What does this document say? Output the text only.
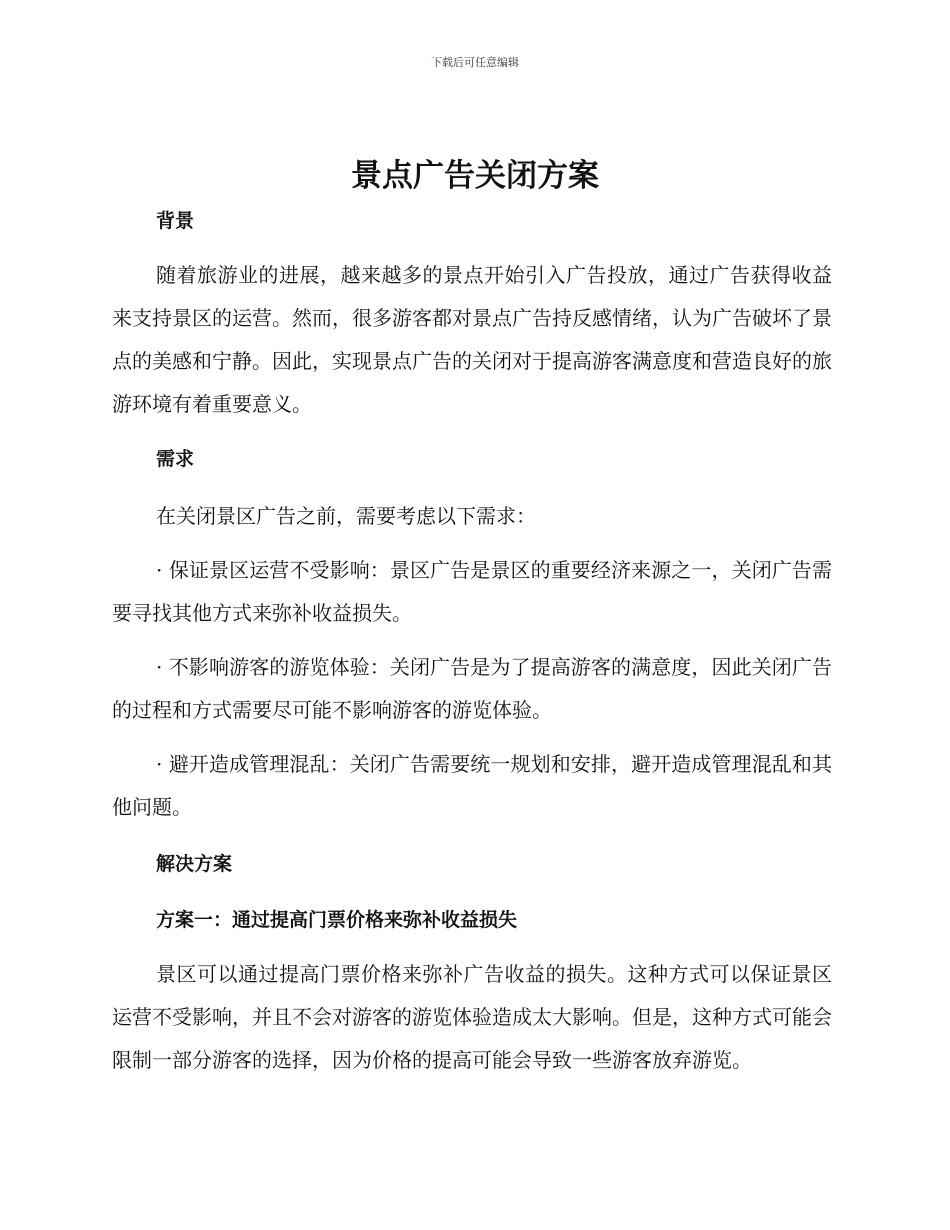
下载后可任意编辑
景点广告关闭方案

背景

随着旅游业的进展，越来越多的景点开始引入广告投放，通过广告获得收益来支持景区的运营。然而，很多游客都对景点广告持反感情绪，认为广告破坏了景点的美感和宁静。因此，实现景点广告的关闭对于提高游客满意度和营造良好的旅游环境有着重要意义。

需求

在关闭景区广告之前，需要考虑以下需求：

· 保证景区运营不受影响：景区广告是景区的重要经济来源之一，关闭广告需要寻找其他方式来弥补收益损失。

· 不影响游客的游览体验：关闭广告是为了提高游客的满意度，因此关闭广告的过程和方式需要尽可能不影响游客的游览体验。

· 避开造成管理混乱：关闭广告需要统一规划和安排，避开造成管理混乱和其他问题。

解决方案

方案一：通过提高门票价格来弥补收益损失

景区可以通过提高门票价格来弥补广告收益的损失。这种方式可以保证景区运营不受影响，并且不会对游客的游览体验造成太大影响。但是，这种方式可能会限制一部分游客的选择，因为价格的提高可能会导致一些游客放弃游览。
